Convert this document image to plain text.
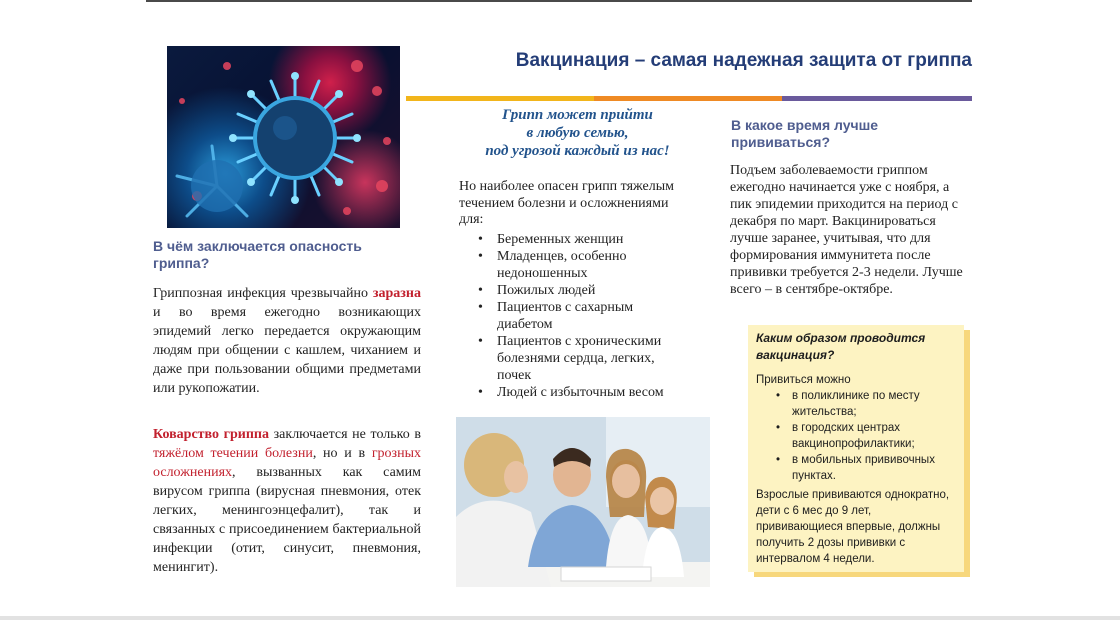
В чём заключается опасность гриппа?
Гриппозная инфекция чрезвычайно заразна и во время ежегодно возникающих эпидемий легко передается окружающим людям при общении с кашлем, чиханием и даже при пользовании общими предметами или рукопожатии.
Коварство гриппа заключается не только в тяжёлом течении болезни, но и в грозных осложнениях, вызванных как самим вирусом гриппа (вирусная пневмония, отек легких, менингоэнцефалит), так и связанных с присоединением бактериальной инфекции (отит, синусит, пневмония, менингит).
Вакцинация – самая надежная защита от гриппа
Грипп может прийти
в любую семью,
под угрозой каждый из нас!
Но наиболее опасен грипп тяжелым течением болезни и осложнениями для:
• Беременных женщин
• Младенцев, особенно недоношенных
• Пожилых людей
• Пациентов с сахарным диабетом
• Пациентов с хроническими болезнями сердца, легких, почек
• Людей с избыточным весом
В какое время лучше прививаться?
Подъем заболеваемости гриппом ежегодно начинается уже с ноября, а пик эпидемии приходится на период с декабря по март. Вакцинироваться лучше заранее, учитывая, что для формирования иммунитета после прививки требуется 2-3 недели. Лучше всего – в сентябре-октябре.
Каким образом проводится вакцинация?
Привиться можно
• в поликлинике по месту жительства;
• в городских центрах вакцинопрофилактики;
• в мобильных прививочных пунктах.
Взрослые прививаются однократно, дети с 6 мес до 9 лет, прививающиеся впервые, должны получить 2 дозы прививки с интервалом 4 недели.
